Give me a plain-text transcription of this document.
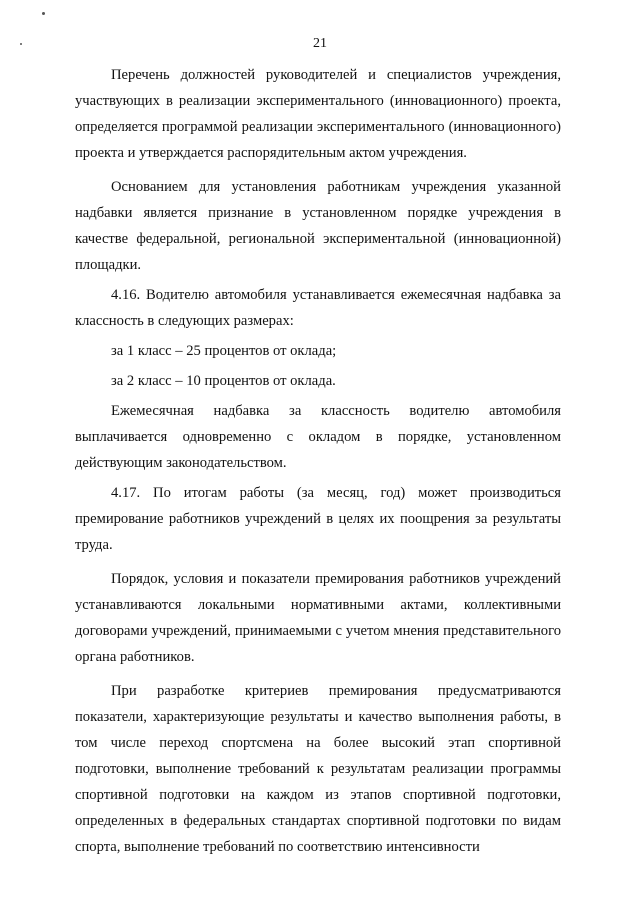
21

Перечень должностей руководителей и специалистов учреждения, участвующих в реализации экспериментального (инновационного) проекта, определяется программой реализации экспериментального (инновационного) проекта и утверждается распорядительным актом учреждения.

Основанием для установления работникам учреждения указанной надбавки является признание в установленном порядке учреждения в качестве федеральной, региональной экспериментальной (инновационной) площадки.

4.16. Водителю автомобиля устанавливается ежемесячная надбавка за классность в следующих размерах:

за 1 класс – 25 процентов от оклада;

за 2 класс – 10 процентов от оклада.

Ежемесячная надбавка за классность водителю автомобиля выплачивается одновременно с окладом в порядке, установленном действующим законодательством.

4.17. По итогам работы (за месяц, год) может производиться премирование работников учреждений в целях их поощрения за результаты труда.

Порядок, условия и показатели премирования работников учреждений устанавливаются локальными нормативными актами, коллективными договорами учреждений, принимаемыми с учетом мнения представительного органа работников.

При разработке критериев премирования предусматриваются показатели, характеризующие результаты и качество выполнения работы, в том числе переход спортсмена на более высокий этап спортивной подготовки, выполнение требований к результатам реализации программы спортивной подготовки на каждом из этапов спортивной подготовки, определенных в федеральных стандартах спортивной подготовки по видам спорта, выполнение требований по соответствию интенсивности
